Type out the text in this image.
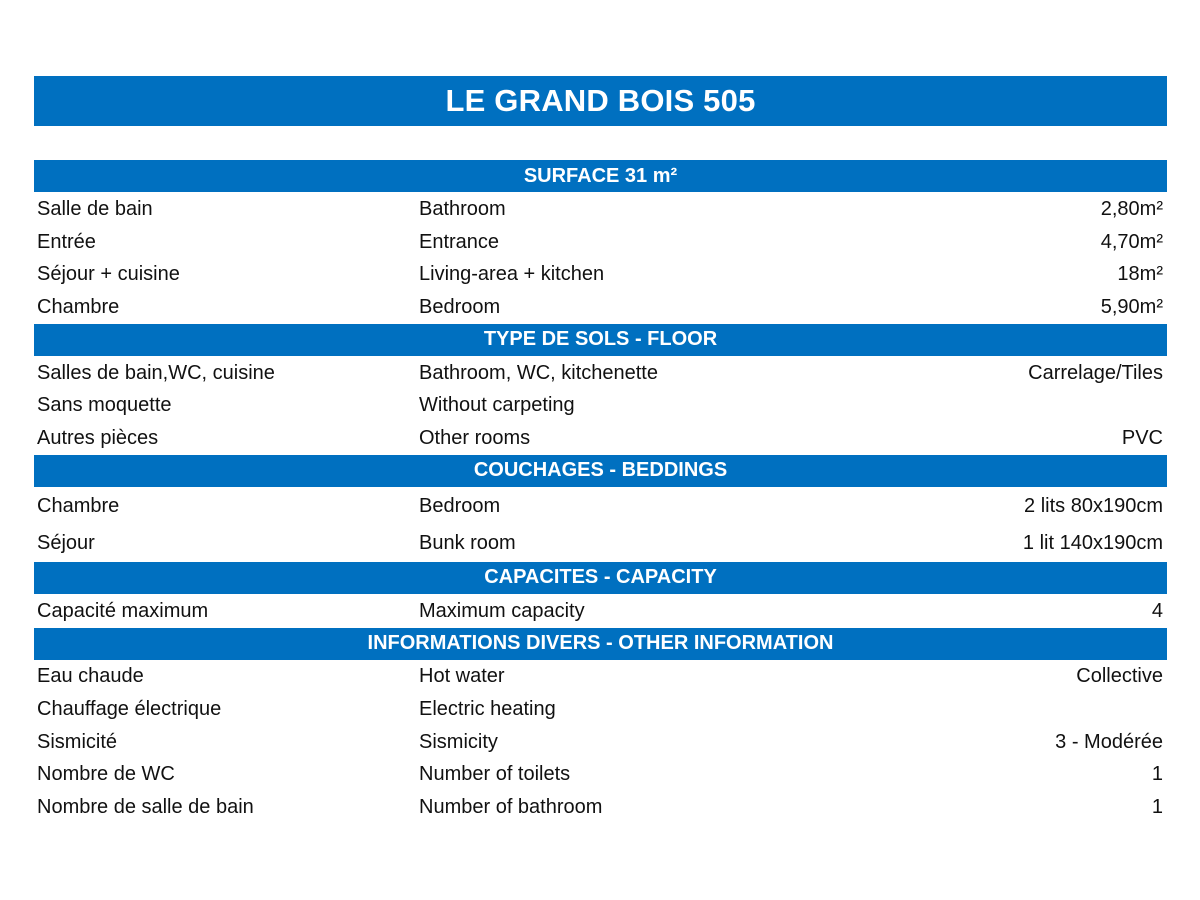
LE GRAND BOIS 505
SURFACE 31 m²
Salle de bain	Bathroom	2,80m²
Entrée	Entrance	4,70m²
Séjour + cuisine	Living-area + kitchen	18m²
Chambre	Bedroom	5,90m²
TYPE DE SOLS - FLOOR
Salles de bain,WC, cuisine	Bathroom, WC, kitchenette	Carrelage/Tiles
Sans moquette	Without carpeting
Autres pièces	Other rooms	PVC
COUCHAGES - BEDDINGS
Chambre	Bedroom	2 lits 80x190cm
Séjour	Bunk room	1 lit 140x190cm
CAPACITES - CAPACITY
Capacité maximum	Maximum capacity	4
INFORMATIONS DIVERS - OTHER INFORMATION
Eau chaude	Hot water	Collective
Chauffage électrique	Electric heating
Sismicité	Sismicity	3 - Modérée
Nombre de WC	Number of toilets	1
Nombre de salle de bain	Number of bathroom	1
